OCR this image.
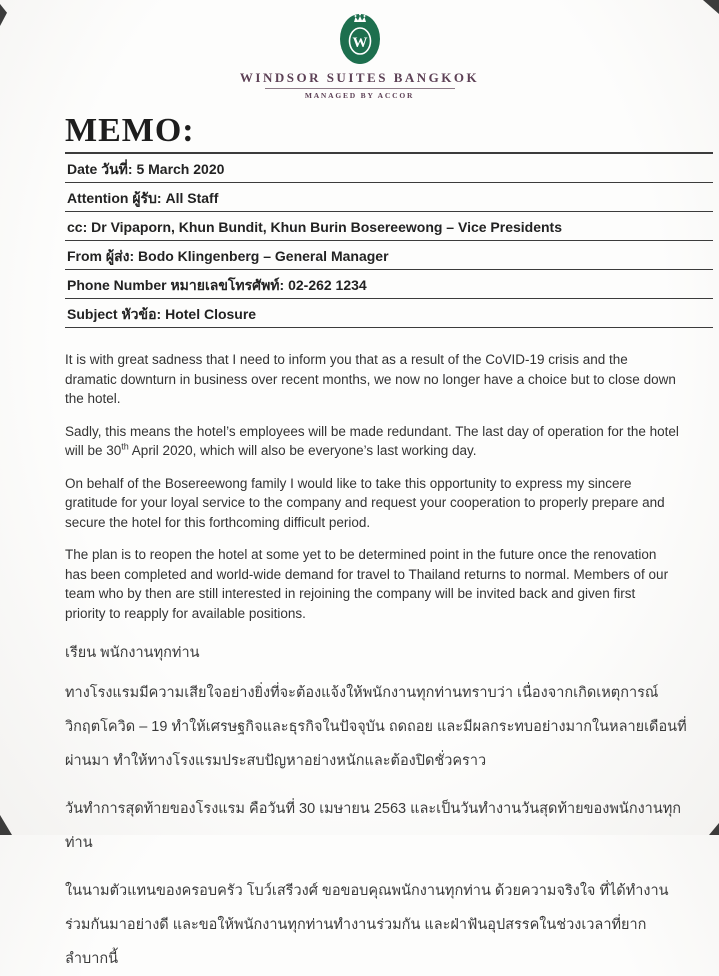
W
WINDSOR SUITES BANGKOK
MANAGED BY ACCOR
MEMO:
Date วันที่: 5 March 2020
Attention ผู้รับ: All Staff
cc: Dr Vipaporn, Khun Bundit, Khun Burin Bosereewong – Vice Presidents
From ผู้ส่ง: Bodo Klingenberg – General Manager
Phone Number หมายเลขโทรศัพท์: 02-262 1234
Subject หัวข้อ: Hotel Closure

It is with great sadness that I need to inform you that as a result of the CoVID-19 crisis and the dramatic downturn in business over recent months, we now no longer have a choice but to close down the hotel.

Sadly, this means the hotel’s employees will be made redundant. The last day of operation for the hotel will be 30th April 2020, which will also be everyone’s last working day.

On behalf of the Bosereewong family I would like to take this opportunity to express my sincere gratitude for your loyal service to the company and request your cooperation to properly prepare and secure the hotel for this forthcoming difficult period.

The plan is to reopen the hotel at some yet to be determined point in the future once the renovation has been completed and world-wide demand for travel to Thailand returns to normal. Members of our team who by then are still interested in rejoining the company will be invited back and given first priority to reapply for available positions.

เรียน พนักงานทุกท่าน

ทางโรงแรมมีความเสียใจอย่างยิ่งที่จะต้องแจ้งให้พนักงานทุกท่านทราบว่า เนื่องจากเกิดเหตุการณ์ วิกฤตโควิด – 19 ทำให้เศรษฐกิจและธุรกิจในปัจจุบัน ถดถอย และมีผลกระทบอย่างมากในหลายเดือนที่ผ่านมา ทำให้ทางโรงแรมประสบปัญหาอย่างหนักและต้องปิดชั่วคราว

วันทำการสุดท้ายของโรงแรม คือวันที่ 30 เมษายน 2563 และเป็นวันทำงานวันสุดท้ายของพนักงานทุกท่าน

ในนามตัวแทนของครอบครัว โบว์เสรีวงศ์ ขอขอบคุณพนักงานทุกท่าน ด้วยความจริงใจ ที่ได้ทำงานร่วมกันมาอย่างดี และขอให้พนักงานทุกท่านทำงานร่วมกัน และฝ่าฟันอุปสรรคในช่วงเวลาที่ยากลำบากนี้
